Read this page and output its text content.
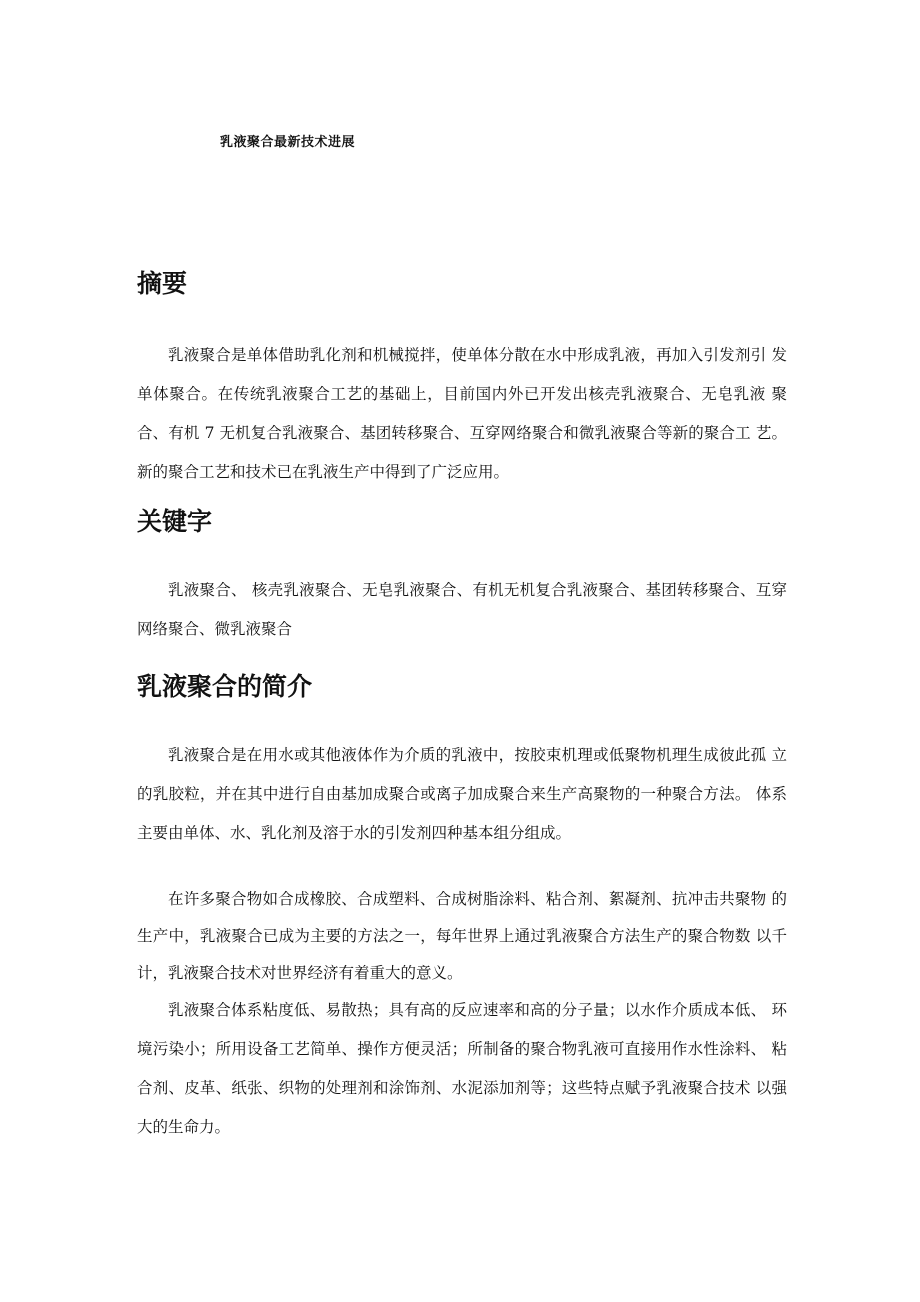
乳液聚合最新技术进展
摘要

乳液聚合是单体借助乳化剂和机械搅拌，使单体分散在水中形成乳液，再加入引发剂引 发单体聚合。在传统乳液聚合工艺的基础上，目前国内外已开发出核壳乳液聚合、无皂乳液 聚合、有机 7 无机复合乳液聚合、基团转移聚合、互穿网络聚合和微乳液聚合等新的聚合工 艺。新的聚合工艺和技术已在乳液生产中得到了广泛应用。

关键字

乳液聚合、 核壳乳液聚合、无皂乳液聚合、有机无机复合乳液聚合、基团转移聚合、互穿网络聚合、微乳液聚合

乳液聚合的简介

乳液聚合是在用水或其他液体作为介质的乳液中，按胶束机理或低聚物机理生成彼此孤 立的乳胶粒，并在其中进行自由基加成聚合或离子加成聚合来生产高聚物的一种聚合方法。 体系主要由单体、水、乳化剂及溶于水的引发剂四种基本组分组成。

在许多聚合物如合成橡胶、合成塑料、合成树脂涂料、粘合剂、絮凝剂、抗冲击共聚物 的生产中，乳液聚合已成为主要的方法之一，每年世界上通过乳液聚合方法生产的聚合物数 以千计，乳液聚合技术对世界经济有着重大的意义。

乳液聚合体系粘度低、易散热；具有高的反应速率和高的分子量；以水作介质成本低、 环境污染小；所用设备工艺简单、操作方便灵活；所制备的聚合物乳液可直接用作水性涂料、 粘合剂、皮革、纸张、织物的处理剂和涂饰剂、水泥添加剂等；这些特点赋予乳液聚合技术 以强大的生命力。
